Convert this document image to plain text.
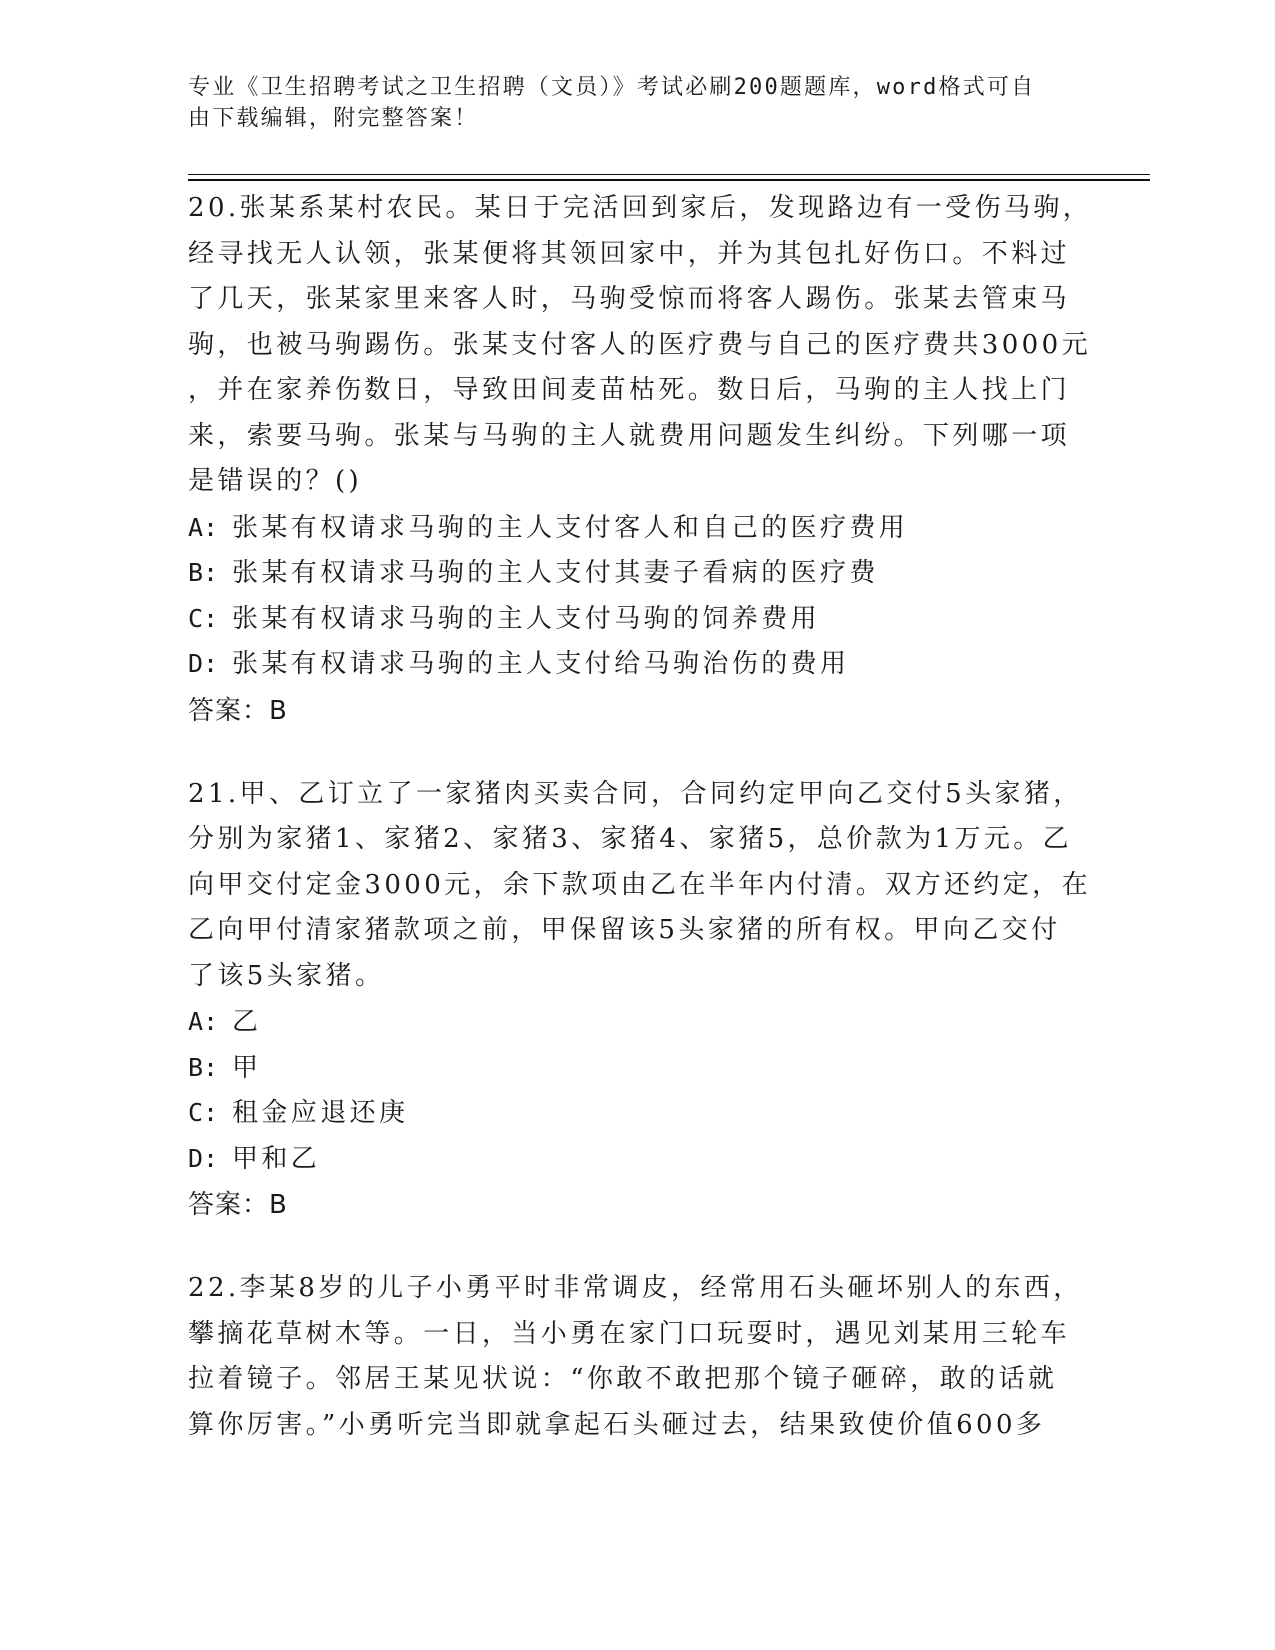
专业《卫生招聘考试之卫生招聘（文员）》考试必刷200题题库，word格式可自
由下载编辑，附完整答案！
20.张某系某村农民。某日于完活回到家后，发现路边有一受伤马驹，
经寻找无人认领，张某便将其领回家中，并为其包扎好伤口。不料过
了几天，张某家里来客人时，马驹受惊而将客人踢伤。张某去管束马
驹，也被马驹踢伤。张某支付客人的医疗费与自己的医疗费共3000元
，并在家养伤数日，导致田间麦苗枯死。数日后，马驹的主人找上门
来，索要马驹。张某与马驹的主人就费用问题发生纠纷。下列哪一项
是错误的？()
A: 张某有权请求马驹的主人支付客人和自己的医疗费用
B: 张某有权请求马驹的主人支付其妻子看病的医疗费
C: 张某有权请求马驹的主人支付马驹的饲养费用
D: 张某有权请求马驹的主人支付给马驹治伤的费用
答案：B
21.甲、乙订立了一家猪肉买卖合同，合同约定甲向乙交付5头家猪，
分别为家猪1、家猪2、家猪3、家猪4、家猪5，总价款为1万元。乙
向甲交付定金3000元，余下款项由乙在半年内付清。双方还约定，在
乙向甲付清家猪款项之前，甲保留该5头家猪的所有权。甲向乙交付
了该5头家猪。
A: 乙
B: 甲
C: 租金应退还庚
D: 甲和乙
答案：B
22.李某8岁的儿子小勇平时非常调皮，经常用石头砸坏别人的东西，
攀摘花草树木等。一日，当小勇在家门口玩耍时，遇见刘某用三轮车
拉着镜子。邻居王某见状说：“你敢不敢把那个镜子砸碎，敢的话就
算你厉害。”小勇听完当即就拿起石头砸过去，结果致使价值600多
